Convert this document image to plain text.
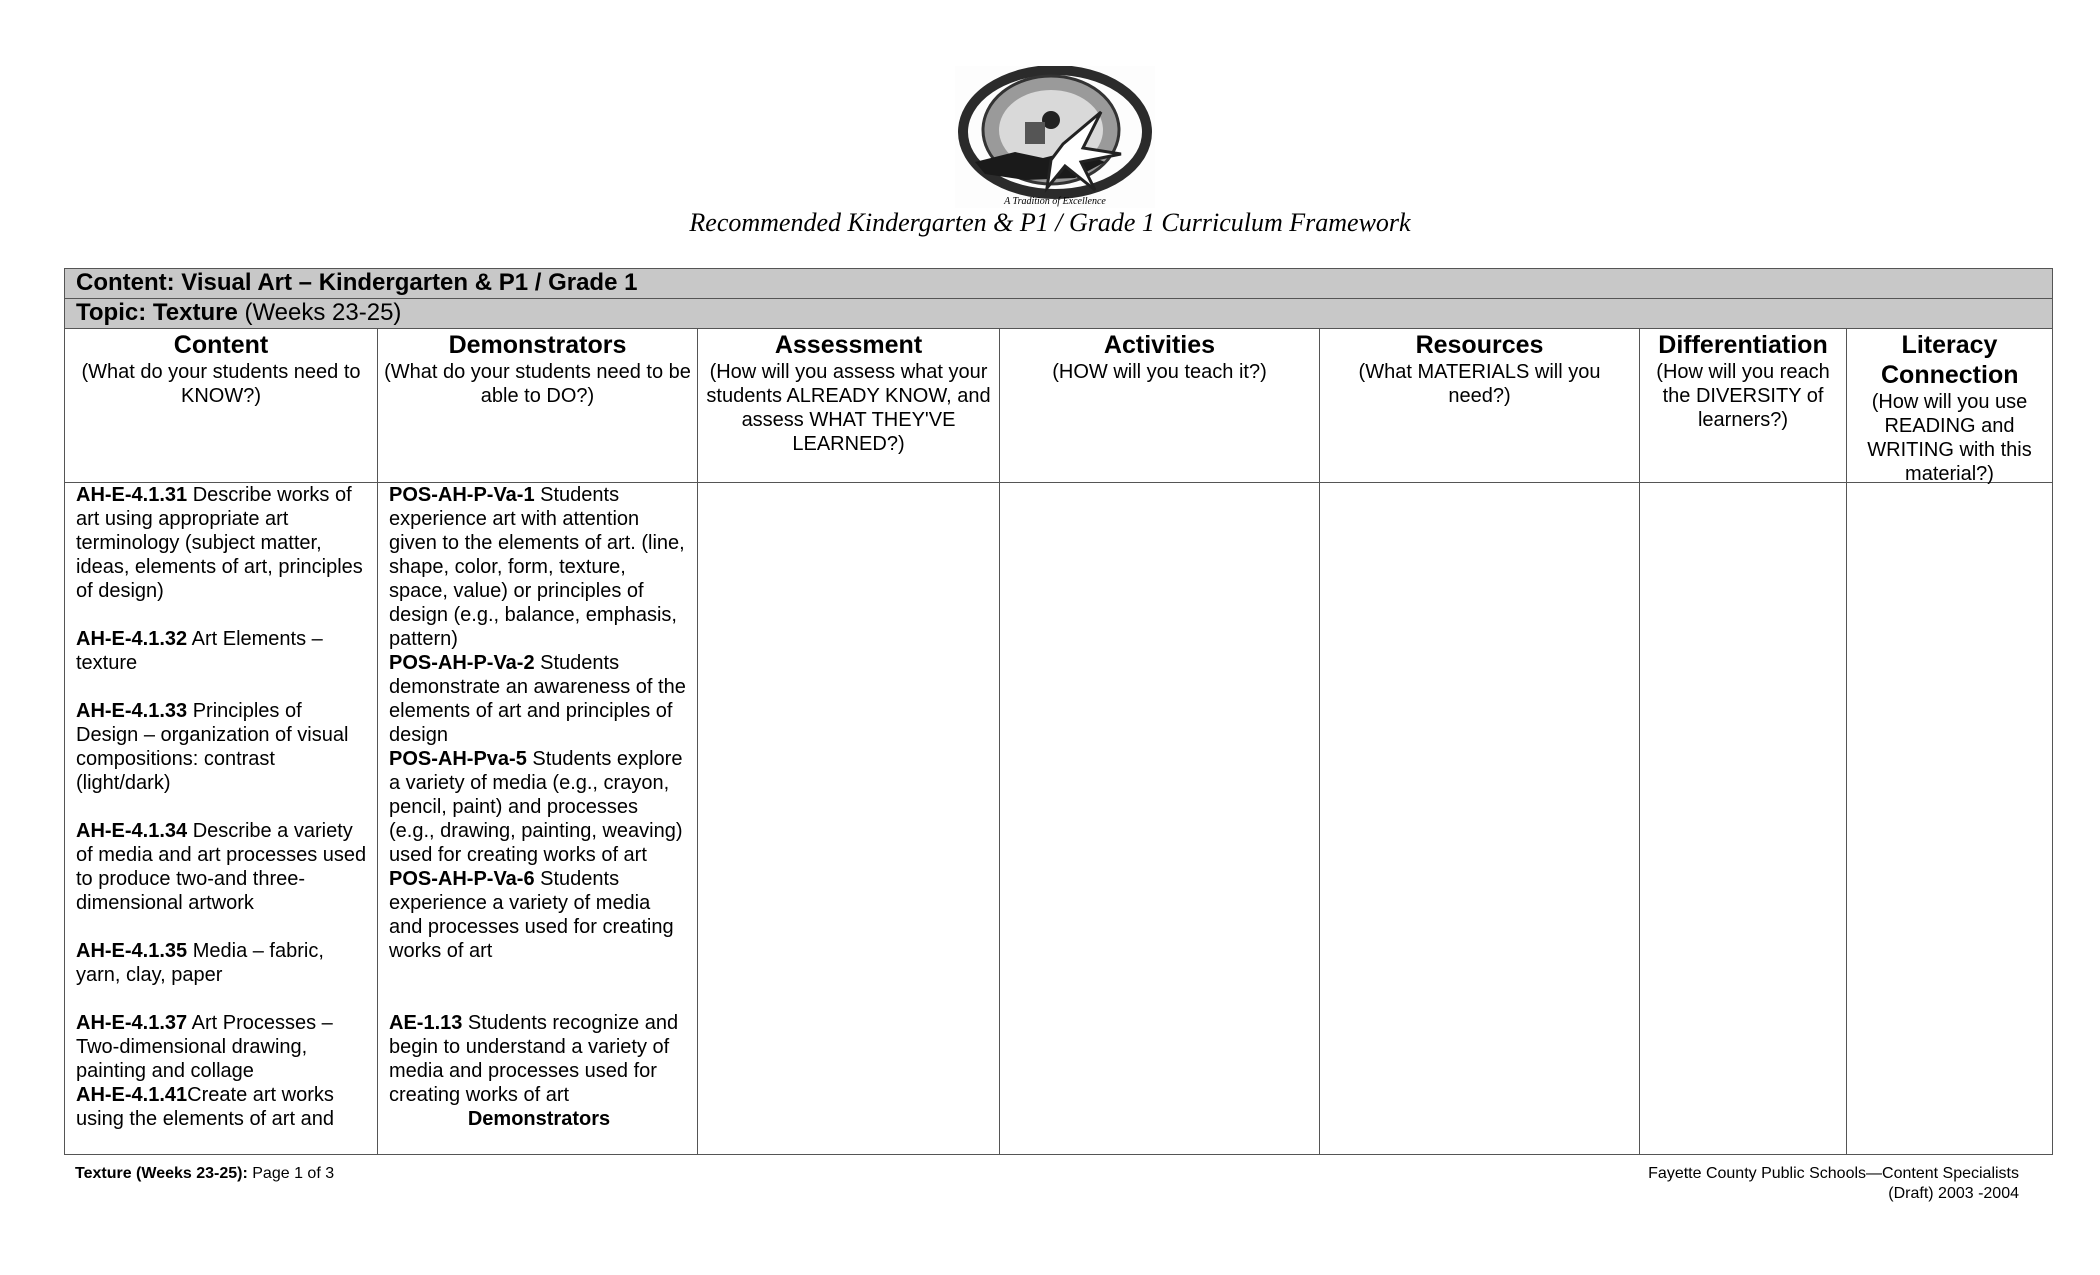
A Tradition of Excellence
Recommended Kindergarten & P1 / Grade 1 Curriculum Framework
Content: Visual Art – Kindergarten & P1 / Grade 1
Topic: Texture (Weeks 23-25)
Content
(What do your students need to KNOW?)

AH-E-4.1.31 Describe works of art using appropriate art terminology (subject matter, ideas, elements of art, principles of design)

AH-E-4.1.32 Art Elements – texture

AH-E-4.1.33 Principles of Design – organization of visual compositions: contrast (light/dark)

AH-E-4.1.34 Describe a variety of media and art processes used to produce two-and three-dimensional artwork

AH-E-4.1.35 Media – fabric, yarn, clay, paper

AH-E-4.1.37 Art Processes – Two-dimensional drawing, painting and collage

AH-E-4.1.41Create art works using the elements of art and

Demonstrators
(What do your students need to be able to DO?)

POS-AH-P-Va-1 Students experience art with attention given to the elements of art. (line, shape, color, form, texture, space, value) or principles of design (e.g., balance, emphasis, pattern)

POS-AH-P-Va-2 Students demonstrate an awareness of the elements of art and principles of design

POS-AH-Pva-5 Students explore a variety of media (e.g., crayon, pencil, paint) and processes (e.g., drawing, painting, weaving) used for creating works of art

POS-AH-P-Va-6 Students experience a variety of media and processes used for creating works of art

AE-1.13 Students recognize and begin to understand a variety of media and processes used for creating works of art

Demonstrators
Assessment
(How will you assess what your students ALREADY KNOW, and assess WHAT THEY'VE LEARNED?)
Activities
(HOW will you teach it?)
Resources
(What MATERIALS will you need?)
Differentiation
(How will you reach the DIVERSITY of learners?)
Literacy Connection
(How will you use READING and WRITING with this material?)
Texture (Weeks 23-25): Page 1 of 3	Fayette County Public Schools—Content Specialists
(Draft) 2003 -2004
